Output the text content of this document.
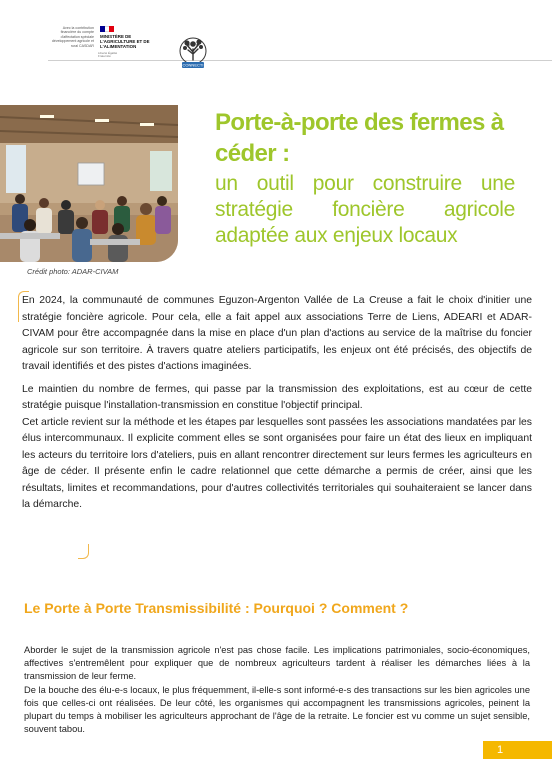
Avec la contribution financière du compte d'affectation spéciale développement agricole et rural CASDAR
MINISTÈRE DE L'AGRICULTURE ET DE L'ALIMENTATION
Liberté Égalité Fraternité
CONNECTI
Crédit photo: ADAR-CIVAM
Porte-à-porte des fermes à céder :
un outil pour construire une stratégie foncière agricole adaptée aux enjeux locaux

En 2024, la communauté de communes Eguzon-Argenton Vallée de La Creuse a fait le choix d'initier une stratégie foncière agricole. Pour cela, elle a fait appel aux associations Terre de Liens, ADEARI et ADAR-CIVAM pour être accompagnée dans la mise en place d'un plan d'actions au service de la maîtrise du foncier agricole sur son territoire. À travers quatre ateliers participatifs, les enjeux ont été précisés, des objectifs de travail identifiés et des pistes d'actions imaginées.

Le maintien du nombre de fermes, qui passe par la transmission des exploitations, est au cœur de cette stratégie puisque l'installation-transmission en constitue l'objectif principal.

Cet article revient sur la méthode et les étapes par lesquelles sont passées les associations mandatées par les élus intercommunaux. Il explicite comment elles se sont organisées pour faire un état des lieux en impliquant les acteurs du territoire lors d'ateliers, puis en allant rencontrer directement sur leurs fermes les agriculteurs en âge de céder. Il présente enfin le cadre relationnel que cette démarche a permis de créer, ainsi que les résultats, limites et recommandations, pour d'autres collectivités territoriales qui souhaiteraient se lancer dans la démarche.

Le Porte à Porte Transmissibilité : Pourquoi ? Comment ?

Aborder le sujet de la transmission agricole n'est pas chose facile. Les implications patrimoniales, socio-économiques, affectives s'entremêlent pour expliquer que de nombreux agriculteurs tardent à réaliser les démarches liées à la transmission de leur ferme.

De la bouche des élu-e-s locaux, le plus fréquemment, il-elle-s sont informé-e-s des transactions sur les bien agricoles une fois que celles-ci ont réalisées. De leur côté, les organismes qui accompagnent les transmissions agricoles, peinent la plupart du temps à mobiliser les agriculteurs approchant de l'âge de la retraite. Le foncier est vu comme un sujet sensible, souvent tabou.

1
